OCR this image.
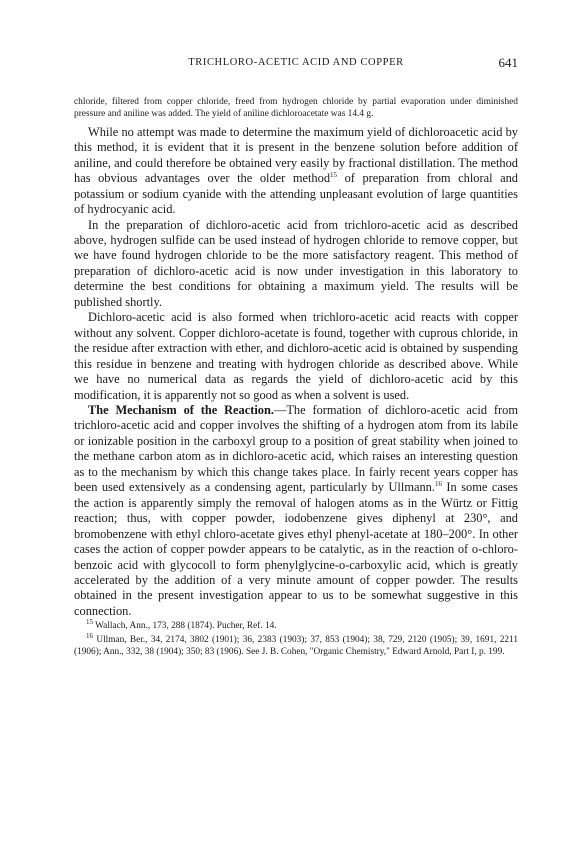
TRICHLORO-ACETIC ACID AND COPPER	641

chloride, filtered from copper chloride, freed from hydrogen chloride by partial evaporation under diminished pressure and aniline was added. The yield of aniline dichloroacetate was 14.4 g.

While no attempt was made to determine the maximum yield of dichloroacetic acid by this method, it is evident that it is present in the benzene solution before addition of aniline, and could therefore be obtained very easily by fractional distillation. The method has obvious advantages over the older method$^{15}$ of preparation from chloral and potassium or sodium cyanide with the attending unpleasant evolution of large quantities of hydrocyanic acid.

In the preparation of dichloro-acetic acid from trichloro-acetic acid as described above, hydrogen sulfide can be used instead of hydrogen chloride to remove copper, but we have found hydrogen chloride to be the more satisfactory reagent. This method of preparation of dichloro-acetic acid is now under investigation in this laboratory to determine the best conditions for obtaining a maximum yield. The results will be published shortly.

Dichloro-acetic acid is also formed when trichloro-acetic acid reacts with copper without any solvent. Copper dichloro-acetate is found, together with cuprous chloride, in the residue after extraction with ether, and dichloro-acetic acid is obtained by suspending this residue in benzene and treating with hydrogen chloride as described above. While we have no numerical data as regards the yield of dichloro-acetic acid by this modification, it is apparently not so good as when a solvent is used.

The Mechanism of the Reaction.—The formation of dichloro-acetic acid from trichloro-acetic acid and copper involves the shifting of a hydrogen atom from its labile or ionizable position in the carboxyl group to a position of great stability when joined to the methane carbon atom as in dichloro-acetic acid, which raises an interesting question as to the mechanism by which this change takes place. In fairly recent years copper has been used extensively as a condensing agent, particularly by Ullmann.$^{16}$ In some cases the action is apparently simply the removal of halogen atoms as in the Würtz or Fittig reaction; thus, with copper powder, iodobenzene gives diphenyl at 230°, and bromobenzene with ethyl chloro-acetate gives ethyl phenyl-acetate at 180–200°. In other cases the action of copper powder appears to be catalytic, as in the reaction of o-chloro-benzoic acid with glycocoll to form phenylglycine-o-carboxylic acid, which is greatly accelerated by the addition of a very minute amount of copper powder. The results obtained in the present investigation appear to us to be somewhat suggestive in this connection.

$^{15}$ Wallach, Ann., 173, 288 (1874). Pucher, Ref. 14.

$^{16}$ Ullman, Ber., 34, 2174, 3802 (1901); 36, 2383 (1903); 37, 853 (1904); 38, 729, 2120 (1905); 39, 1691, 2211 (1906); Ann., 332, 38 (1904); 350; 83 (1906). See J. B. Cohen, "Organic Chemistry," Edward Arnold, Part I, p. 199.
